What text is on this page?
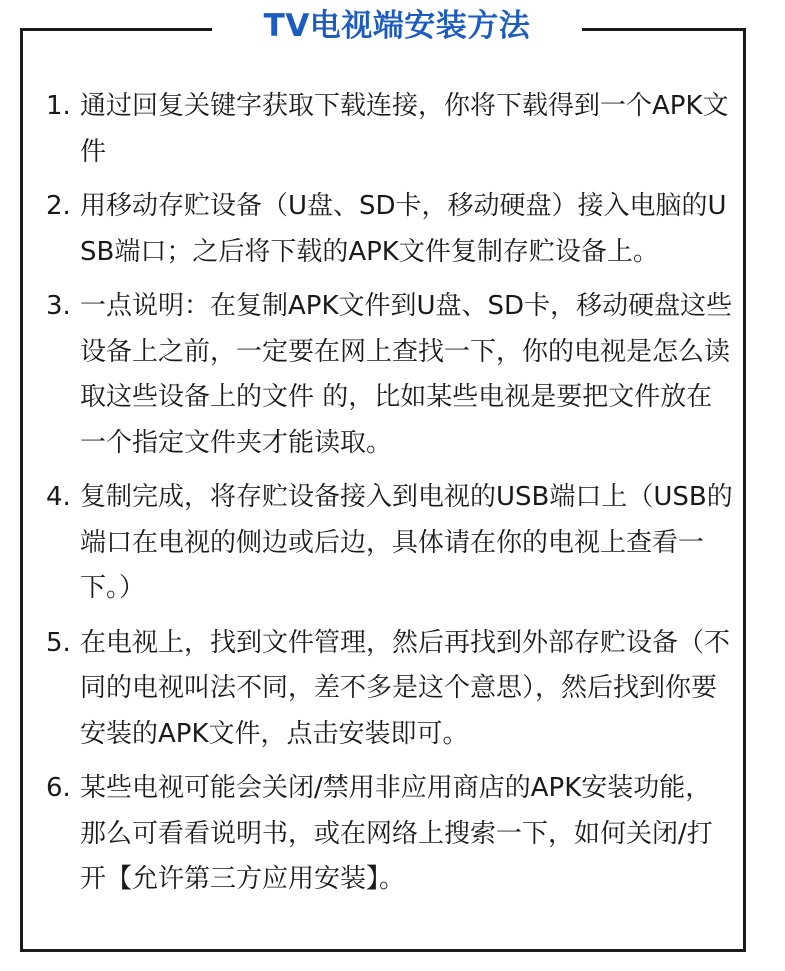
TV电视端安装方法
1. 通过回复关键字获取下载连接，你将下载得到一个APK文件
2. 用移动存贮设备（U盘、SD卡，移动硬盘）接入电脑的USB端口；之后将下载的APK文件复制存贮设备上。
3. 一点说明：在复制APK文件到U盘、SD卡，移动硬盘这些设备上之前，一定要在网上查找一下，你的电视是怎么读取这些设备上的文件 的，比如某些电视是要把文件放在一个指定文件夹才能读取。
4. 复制完成，将存贮设备接入到电视的USB端口上（USB的端口在电视的侧边或后边，具体请在你的电视上查看一下。）
5. 在电视上，找到文件管理，然后再找到外部存贮设备（不同的电视叫法不同，差不多是这个意思），然后找到你要安装的APK文件，点击安装即可。
6. 某些电视可能会关闭/禁用非应用商店的APK安装功能，那么可看看说明书，或在网络上搜索一下，如何关闭/打开【允许第三方应用安装】。
